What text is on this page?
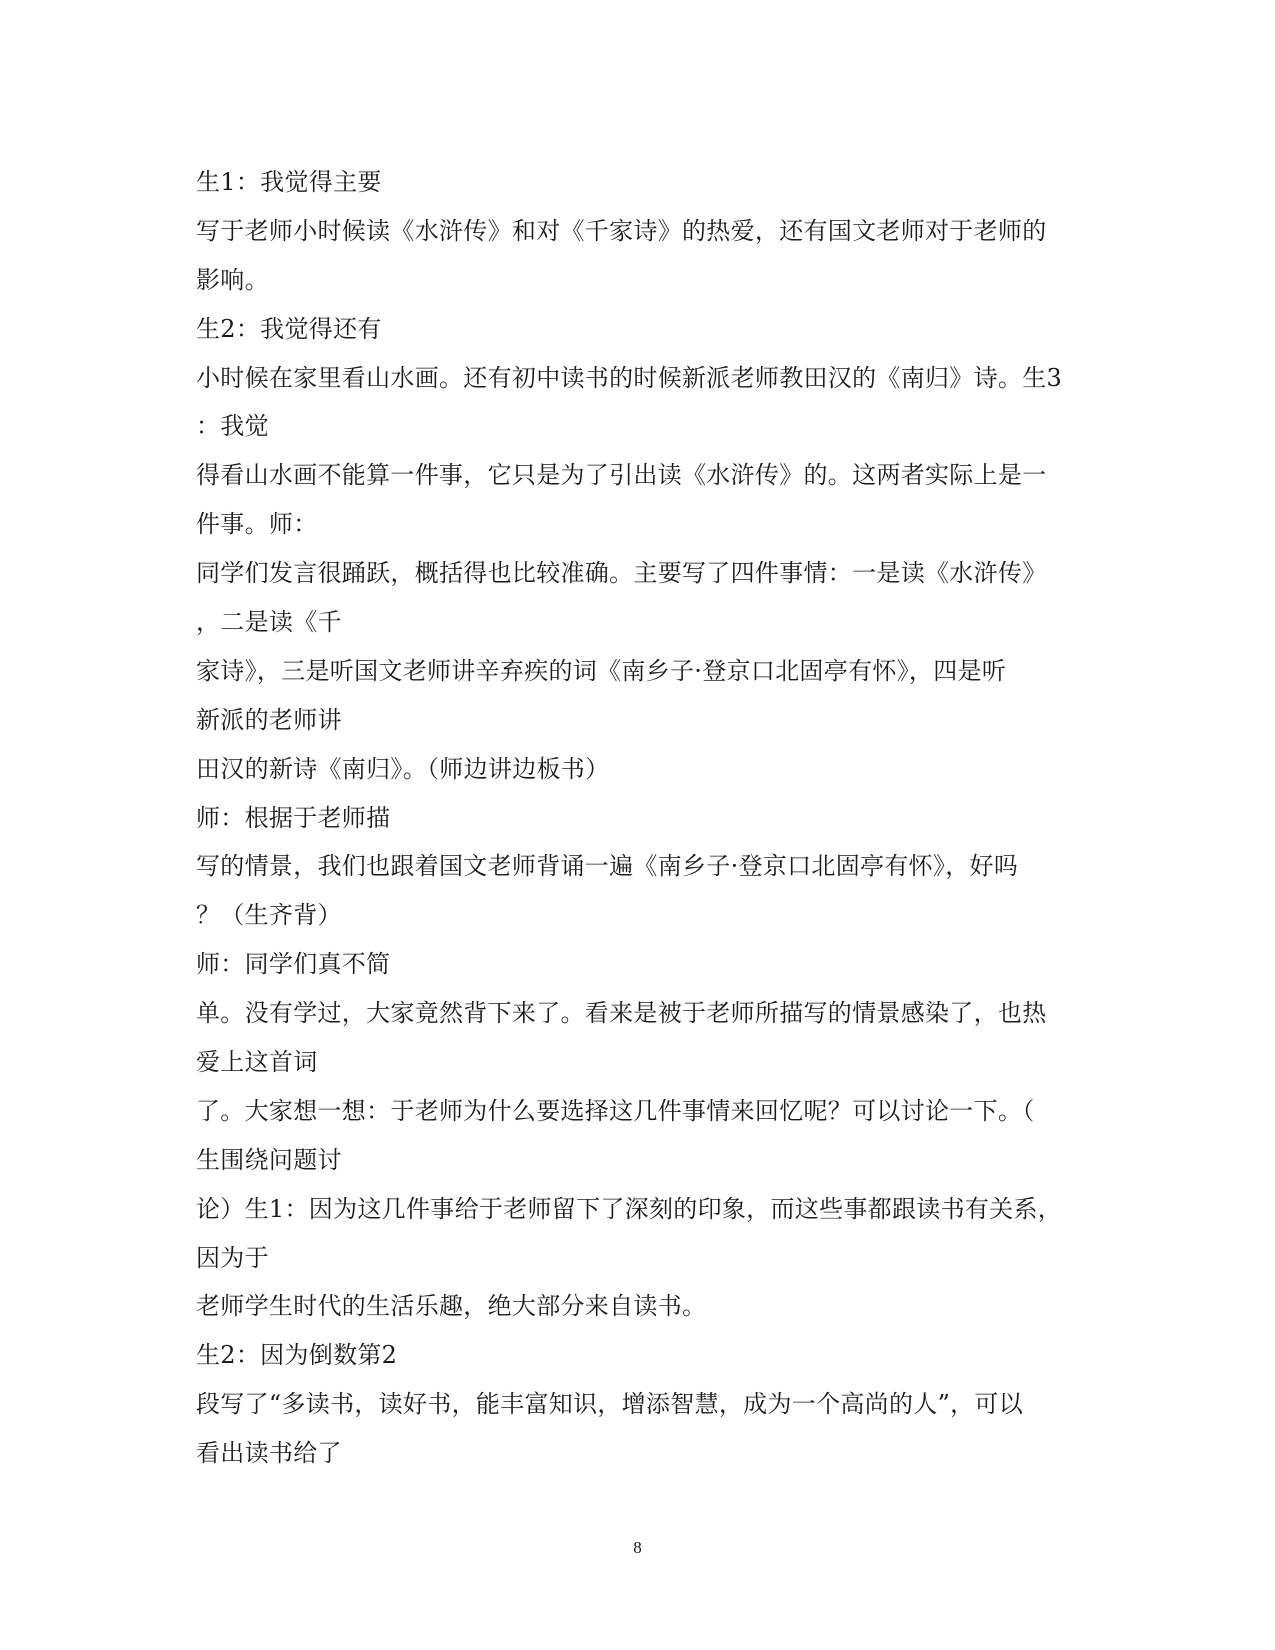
生1：我觉得主要
写于老师小时候读《水浒传》和对《千家诗》的热爱，还有国文老师对于老师的
影响。
生2：我觉得还有
小时候在家里看山水画。还有初中读书的时候新派老师教田汉的《南归》诗。生3
：我觉
得看山水画不能算一件事，它只是为了引出读《水浒传》的。这两者实际上是一
件事。师：
同学们发言很踊跃，概括得也比较准确。主要写了四件事情：一是读《水浒传》
，二是读《千
家诗》，三是听国文老师讲辛弃疾的词《南乡子·登京口北固亭有怀》，四是听
新派的老师讲
田汉的新诗《南归》。（师边讲边板书）
师：根据于老师描
写的情景，我们也跟着国文老师背诵一遍《南乡子·登京口北固亭有怀》，好吗
？（生齐背）
师：同学们真不简
单。没有学过，大家竟然背下来了。看来是被于老师所描写的情景感染了，也热
爱上这首词
了。大家想一想：于老师为什么要选择这几件事情来回忆呢？可以讨论一下。（
生围绕问题讨
论）生1：因为这几件事给于老师留下了深刻的印象，而这些事都跟读书有关系，
因为于
老师学生时代的生活乐趣，绝大部分来自读书。
生2：因为倒数第2
段写了“多读书，读好书，能丰富知识，增添智慧，成为一个高尚的人”，可以
看出读书给了
8
